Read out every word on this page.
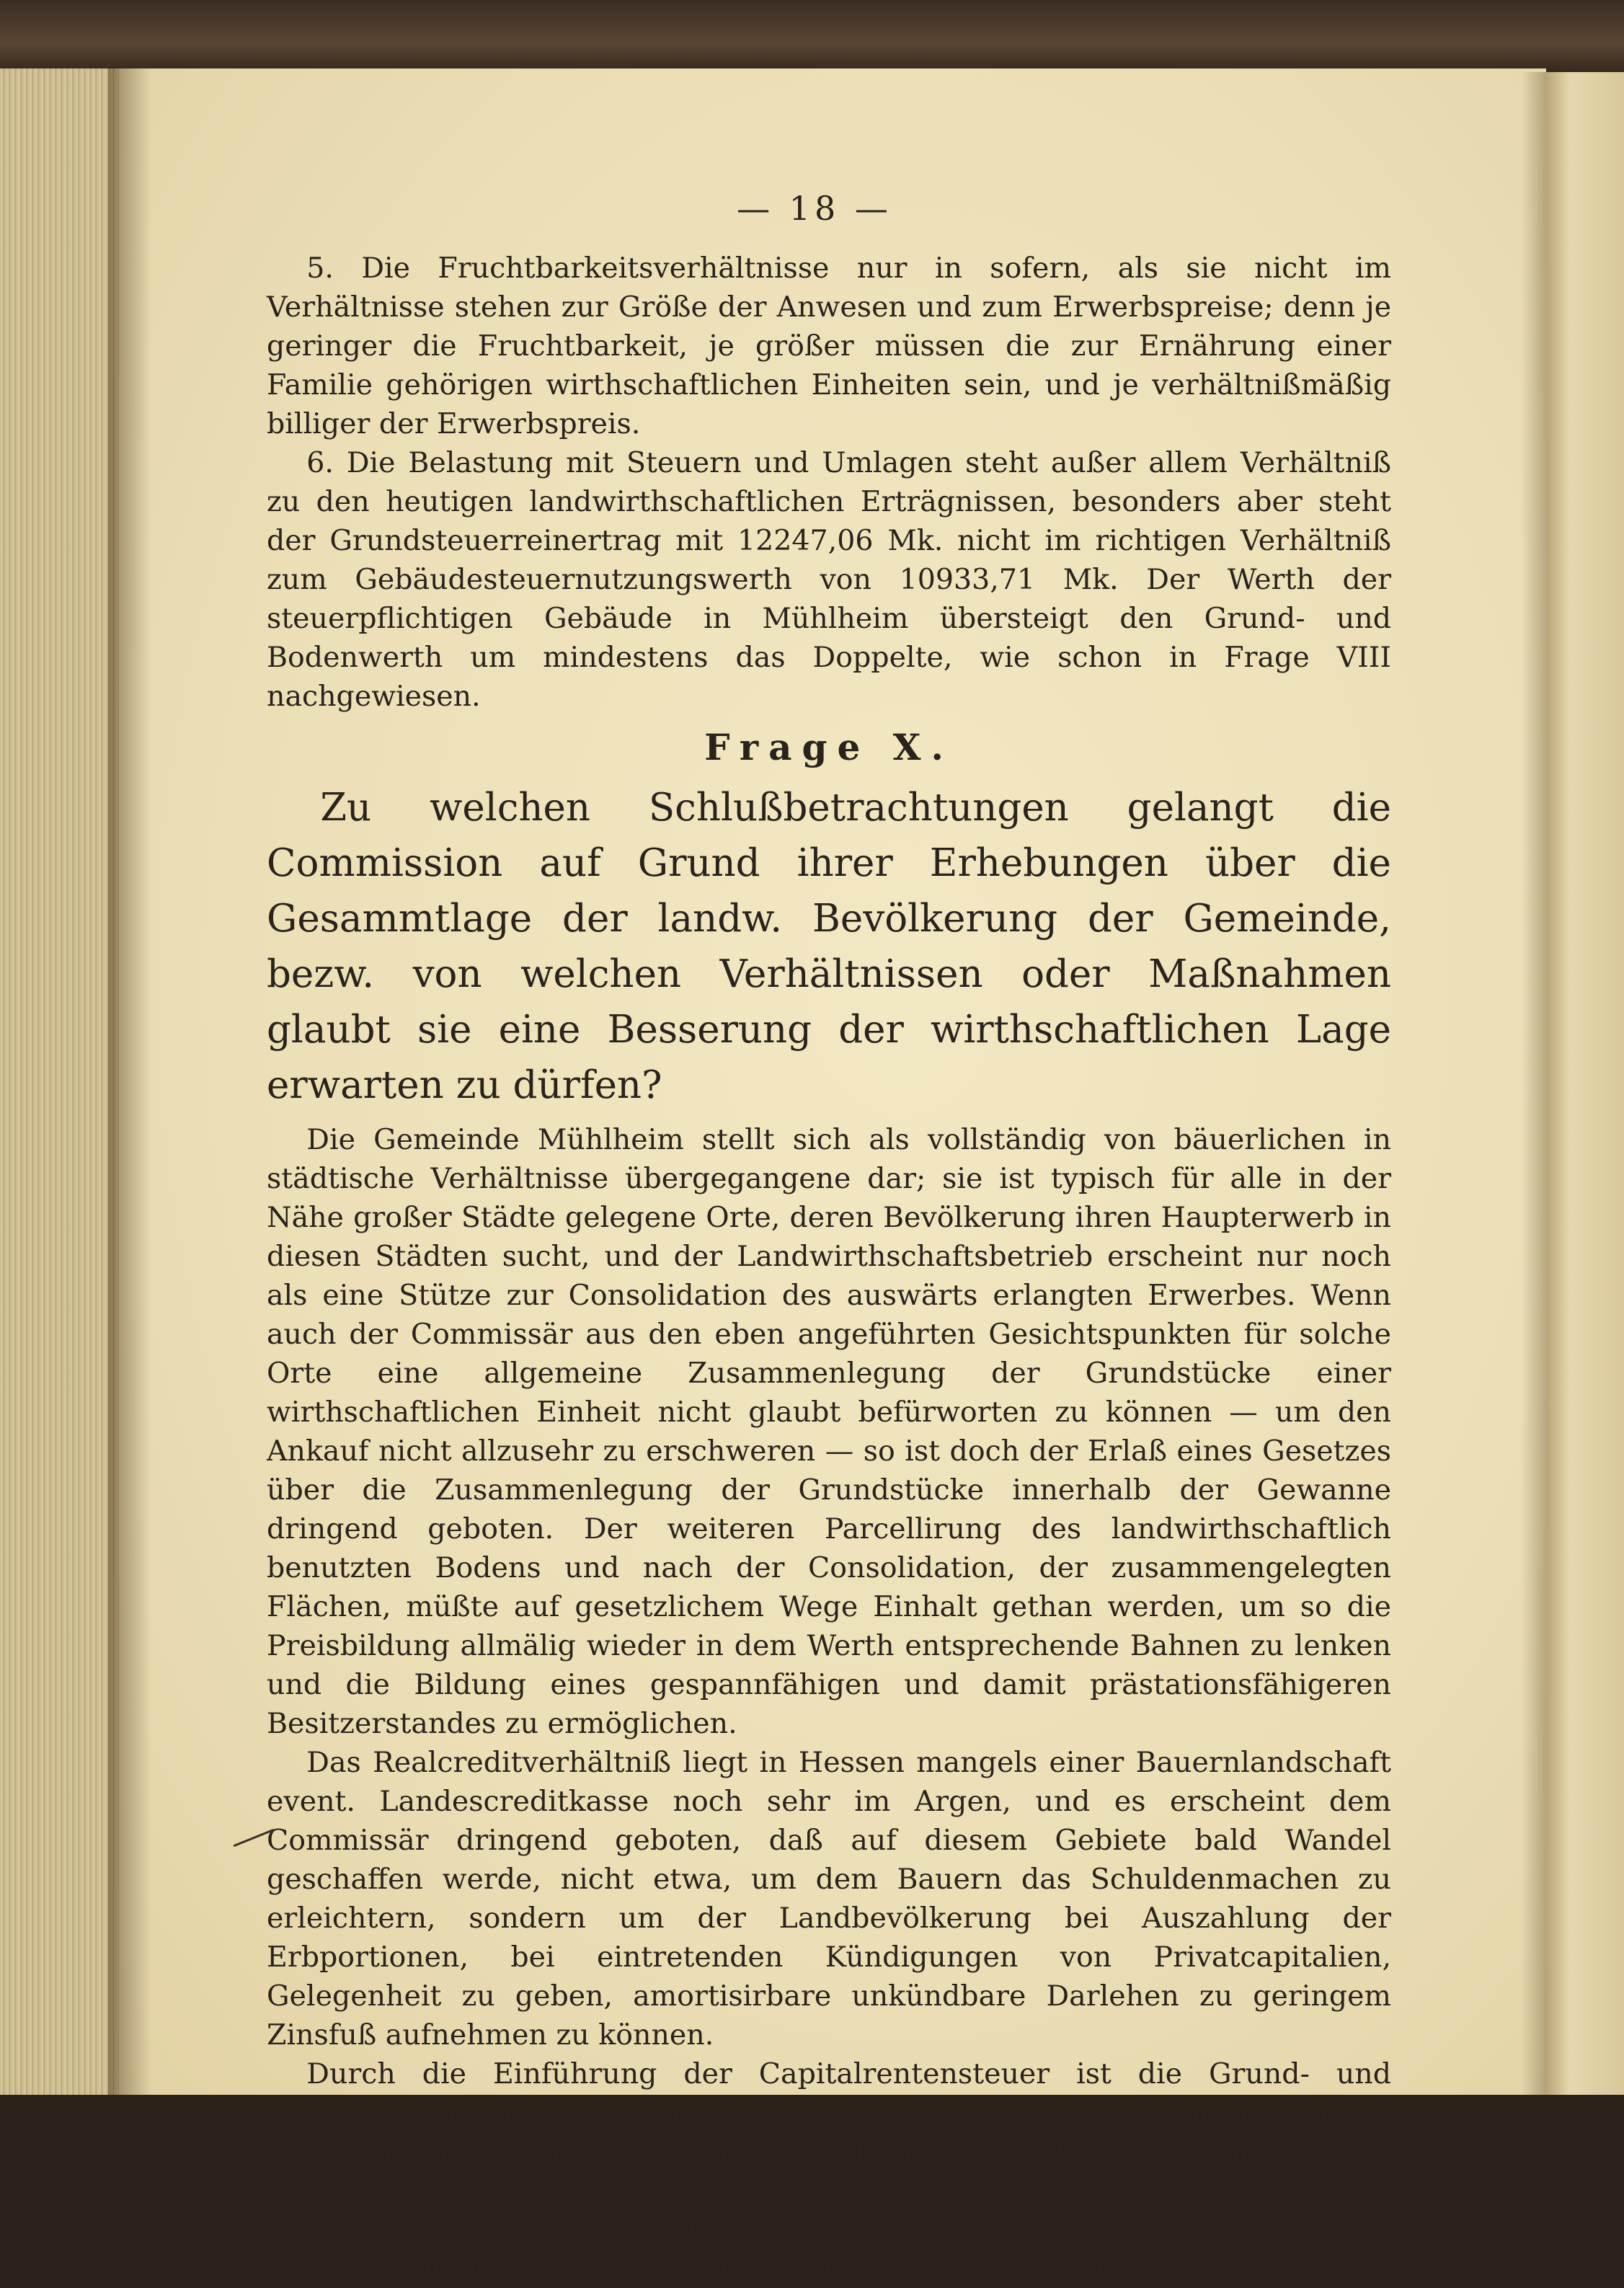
— 18 —

5. Die Fruchtbarkeitsverhältnisse nur in sofern, als sie nicht im Verhältnisse stehen zur Größe der Anwesen und zum Erwerbspreise; denn je geringer die Fruchtbarkeit, je größer müssen die zur Ernährung einer Familie gehörigen wirthschaftlichen Einheiten sein, und je verhältnißmäßig billiger der Erwerbspreis.

6. Die Belastung mit Steuern und Umlagen steht außer allem Verhältniß zu den heutigen landwirthschaftlichen Erträgnissen, besonders aber steht der Grundsteuerreinertrag mit 12247,06 Mk. nicht im richtigen Verhältniß zum Gebäudesteuernutzungswerth von 10933,71 Mk. Der Werth der steuerpflichtigen Gebäude in Mühlheim übersteigt den Grund- und Bodenwerth um mindestens das Doppelte, wie schon in Frage VIII nachgewiesen.

Frage X.

Zu welchen Schlußbetrachtungen gelangt die Commission auf Grund ihrer Erhebungen über die Gesammtlage der landw. Bevölkerung der Gemeinde, bezw. von welchen Verhältnissen oder Maßnahmen glaubt sie eine Besserung der wirthschaftlichen Lage erwarten zu dürfen?

Die Gemeinde Mühlheim stellt sich als vollständig von bäuerlichen in städtische Verhältnisse übergegangene dar; sie ist typisch für alle in der Nähe großer Städte gelegene Orte, deren Bevölkerung ihren Haupterwerb in diesen Städten sucht, und der Landwirthschaftsbetrieb erscheint nur noch als eine Stütze zur Consolidation des auswärts erlangten Erwerbes. Wenn auch der Commissär aus den eben angeführten Gesichtspunkten für solche Orte eine allgemeine Zusammenlegung der Grundstücke einer wirthschaftlichen Einheit nicht glaubt befürworten zu können — um den Ankauf nicht allzusehr zu erschweren — so ist doch der Erlaß eines Gesetzes über die Zusammenlegung der Grundstücke innerhalb der Gewanne dringend geboten. Der weiteren Parcellirung des landwirthschaftlich benutzten Bodens und nach der Consolidation, der zusammengelegten Flächen, müßte auf gesetzlichem Wege Einhalt gethan werden, um so die Preisbildung allmälig wieder in dem Werth entsprechende Bahnen zu lenken und die Bildung eines gespannfähigen und damit prästationsfähigeren Besitzerstandes zu ermöglichen.

Das Realcreditverhältniß liegt in Hessen mangels einer Bauernlandschaft event. Landescreditkasse noch sehr im Argen, und es erscheint dem Commissär dringend geboten, daß auf diesem Gebiete bald Wandel geschaffen werde, nicht etwa, um dem Bauern das Schuldenmachen zu erleichtern, sondern um der Landbevölkerung bei Auszahlung der Erbportionen, bei eintretenden Kündigungen von Privatcapitalien, Gelegenheit zu geben, amortisirbare unkündbare Darlehen zu geringem Zinsfuß aufnehmen zu können.

Durch die Einführung der Capitalrentensteuer ist die Grund- und Gebäudesteuer in Hessen um etwas ermäßigt. Da diese Steuern in ihrer Gesammtheit quotisirt erscheinen (Grund-, Gebäude-, Einkommen-, Gewerbe- und Capitalrenten-Steuer), glaubt der Commissär im Interesse einer gerechteren Vertheilung der Communallasten in den städtischen Charakter habenden Orten Folgendes befürworten zu sollen:
